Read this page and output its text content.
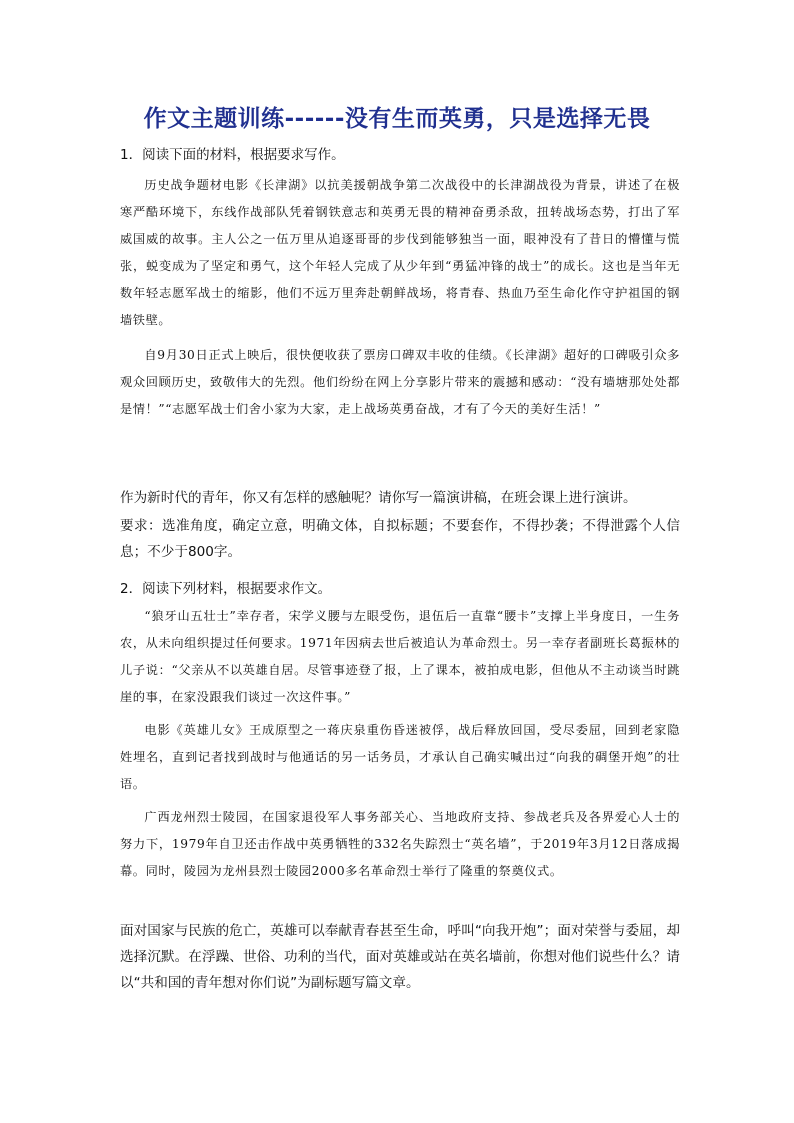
作文主题训练------没有生而英勇，只是选择无畏
1．阅读下面的材料，根据要求写作。
历史战争题材电影《长津湖》以抗美援朝战争第二次战役中的长津湖战役为背景，讲述了在极寒严酷环境下，东线作战部队凭着钢铁意志和英勇无畏的精神奋勇杀敌，扭转战场态势，打出了军威国威的故事。主人公之一伍万里从追逐哥哥的步伐到能够独当一面，眼神没有了昔日的懵懂与慌张，蜕变成为了坚定和勇气，这个年轻人完成了从少年到“勇猛冲锋的战士”的成长。这也是当年无数年轻志愿军战士的缩影，他们不远万里奔赴朝鲜战场，将青春、热血乃至生命化作守护祖国的钢墙铁壁。
自9月30日正式上映后，很快便收获了票房口碑双丰收的佳绩。《长津湖》超好的口碑吸引众多观众回顾历史，致敬伟大的先烈。他们纷纷在网上分享影片带来的震撼和感动：“没有墙塘那处处都是情！”“志愿军战士们舍小家为大家，走上战场英勇奋战，才有了今天的美好生活！”
作为新时代的青年，你又有怎样的感触呢？请你写一篇演讲稿，在班会课上进行演讲。
要求：选准角度，确定立意，明确文体，自拟标题；不要套作，不得抄袭；不得泄露个人信息；不少于800字。
2．阅读下列材料，根据要求作文。
“狼牙山五壮士”幸存者，宋学义腰与左眼受伤，退伍后一直靠“腰卡”支撑上半身度日，一生务农，从未向组织提过任何要求。1971年因病去世后被追认为革命烈士。另一幸存者副班长葛振林的儿子说：“父亲从不以英雄自居。尽管事迹登了报，上了课本，被拍成电影，但他从不主动谈当时跳崖的事，在家没跟我们谈过一次这件事。”
电影《英雄儿女》王成原型之一蒋庆泉重伤昏迷被俘，战后释放回国，受尽委屈，回到老家隐姓埋名，直到记者找到战时与他通话的另一话务员，才承认自己确实喊出过“向我的碉堡开炮”的壮语。
广西龙州烈士陵园，在国家退役军人事务部关心、当地政府支持、参战老兵及各界爱心人士的努力下，1979年自卫还击作战中英勇牺牲的332名失踪烈士“英名墙”，于2019年3月12日落成揭幕。同时，陵园为龙州县烈士陵园2000多名革命烈士举行了隆重的祭奠仪式。
面对国家与民族的危亡，英雄可以奉献青春甚至生命，呼叫“向我开炮”；面对荣誉与委屈，却选择沉默。在浮躁、世俗、功利的当代，面对英雄或站在英名墙前，你想对他们说些什么？请以“共和国的青年想对你们说”为副标题写篇文章。
